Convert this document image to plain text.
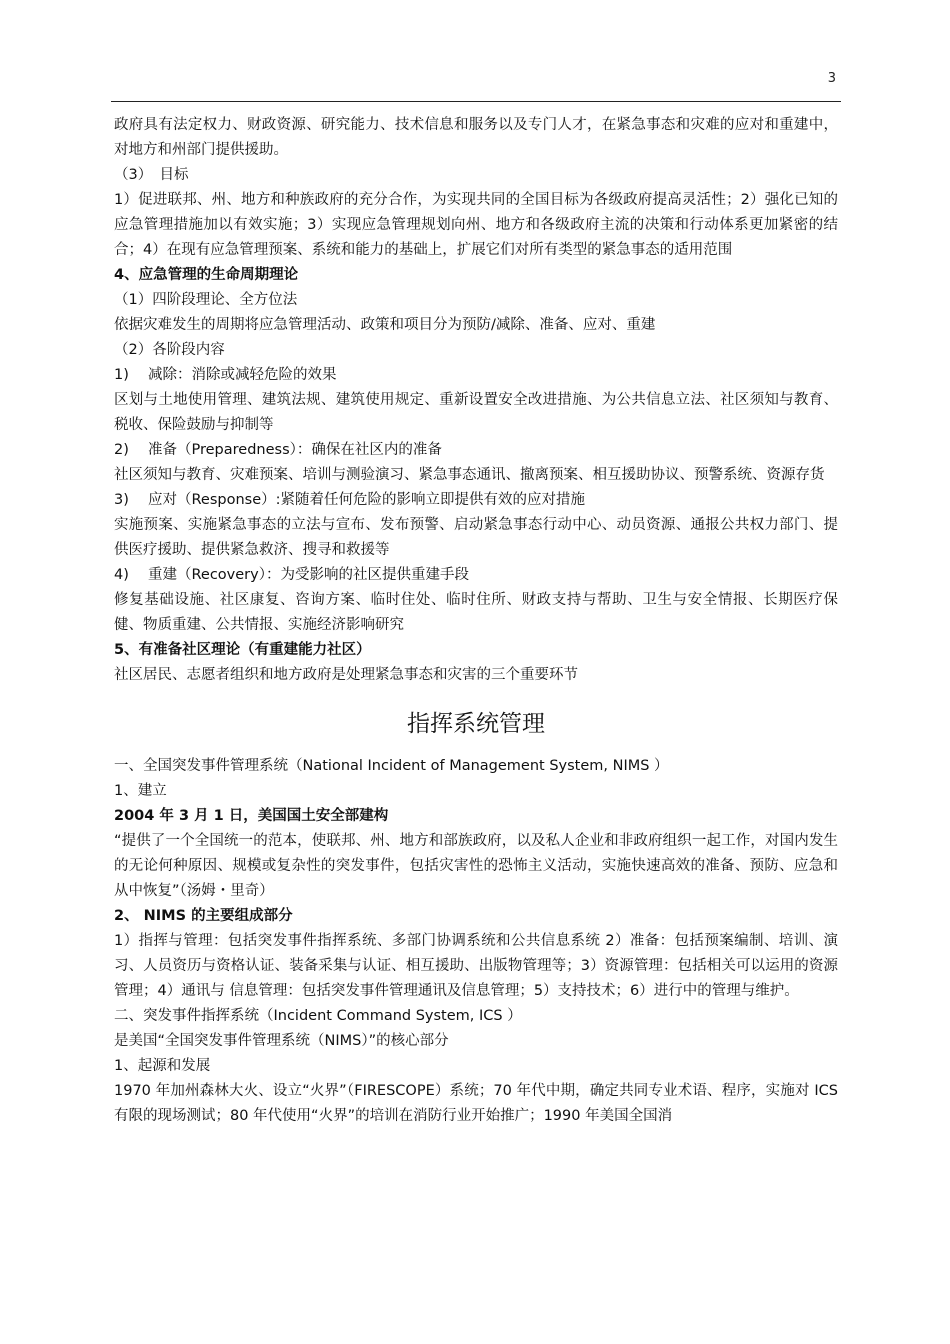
3

政府具有法定权力、财政资源、研究能力、技术信息和服务以及专门人才，在紧急事态和灾难的应对和重建中，对地方和州部门提供援助。

（3）　目标

1）促进联邦、州、地方和种族政府的充分合作，为实现共同的全国目标为各级政府提高灵活性；2）强化已知的应急管理措施加以有效实施；3）实现应急管理规划向州、地方和各级政府主流的决策和行动体系更加紧密的结合；4）在现有应急管理预案、系统和能力的基础上，扩展它们对所有类型的紧急事态的适用范围

4、应急管理的生命周期理论

（1）四阶段理论、全方位法

依据灾难发生的周期将应急管理活动、政策和项目分为预防/减除、准备、应对、重建

（2）各阶段内容

1)　 减除：消除或减轻危险的效果

区划与土地使用管理、建筑法规、建筑使用规定、重新设置安全改进措施、为公共信息立法、社区须知与教育、税收、保险鼓励与抑制等

2)　 准备（Preparedness）：确保在社区内的准备

社区须知与教育、灾难预案、培训与测验演习、紧急事态通讯、撤离预案、相互援助协议、预警系统、资源存货

3)　 应对（Response）:紧随着任何危险的影响立即提供有效的应对措施

实施预案、实施紧急事态的立法与宣布、发布预警、启动紧急事态行动中心、动员资源、通报公共权力部门、提供医疗援助、提供紧急救济、搜寻和救援等

4)　 重建（Recovery）：为受影响的社区提供重建手段

修复基础设施、社区康复、咨询方案、临时住处、临时住所、财政支持与帮助、卫生与安全情报、长期医疗保健、物质重建、公共情报、实施经济影响研究

5、有准备社区理论（有重建能力社区）

社区居民、志愿者组织和地方政府是处理紧急事态和灾害的三个重要环节

指挥系统管理

一、全国突发事件管理系统（National Incident of Management System, NIMS ）

1、建立

2004 年 3 月 1 日，美国国土安全部建构

“提供了一个全国统一的范本，使联邦、州、地方和部族政府，以及私人企业和非政府组织一起工作，对国内发生的无论何种原因、规模或复杂性的突发事件，包括灾害性的恐怖主义活动，实施快速高效的准备、预防、应急和从中恢复”（汤姆・里奇）

2、 NIMS 的主要组成部分

1）指挥与管理：包括突发事件指挥系统、多部门协调系统和公共信息系统 2）准备：包括预案编制、培训、演习、人员资历与资格认证、装备采集与认证、相互援助、出版物管理等；3）资源管理：包括相关可以运用的资源管理；4）通讯与 信息管理：包括突发事件管理通讯及信息管理；5）支持技术；6）进行中的管理与维护。

二、突发事件指挥系统（Incident Command System, ICS ）

是美国“全国突发事件管理系统（NIMS）”的核心部分

1、起源和发展

1970 年加州森林大火、设立“火界”（FIRESCOPE）系统；70 年代中期，确定共同专业术语、程序，实施对 ICS 有限的现场测试；80 年代使用“火界”的培训在消防行业开始推广；1990 年美国全国消
